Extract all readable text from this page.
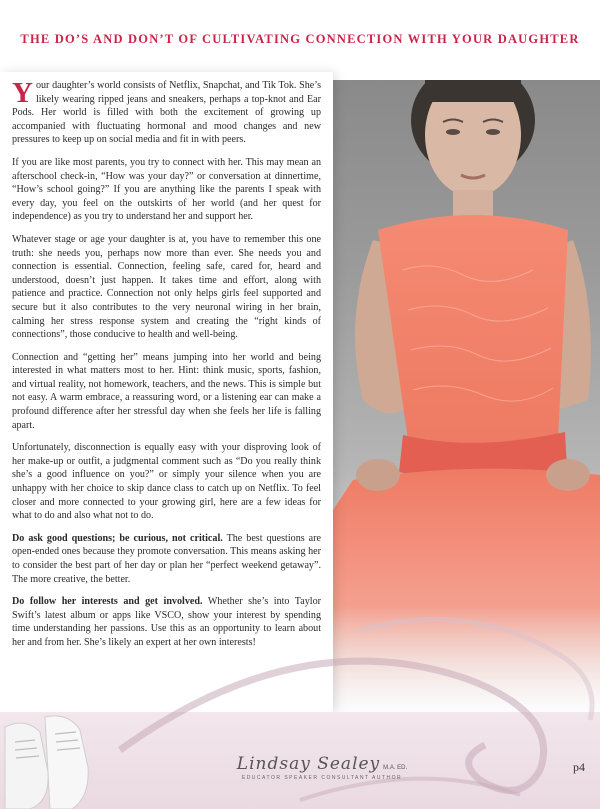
THE DO’S AND DON’T OF CULTIVATING CONNECTION WITH YOUR DAUGHTER

Your daughter’s world consists of Netflix, Snapchat, and Tik Tok. She’s likely wearing ripped jeans and sneakers, perhaps a top-knot and Ear Pods. Her world is filled with both the excitement of growing up accompanied with fluctuating hormonal and mood changes and new pressures to keep up on social media and fit in with peers.

If you are like most parents, you try to connect with her. This may mean an afterschool check-in, “How was your day?” or conversation at dinnertime, “How’s school going?” If you are anything like the parents I speak with every day, you feel on the outskirts of her world (and her quest for independence) as you try to understand her and support her.

Whatever stage or age your daughter is at, you have to remember this one truth: she needs you, perhaps now more than ever. She needs you and connection is essential. Connection, feeling safe, cared for, heard and understood, doesn’t just happen. It takes time and effort, along with patience and practice. Connection not only helps girls feel supported and secure but it also contributes to the very neuronal wiring in her brain, calming her stress response system and creating the “right kinds of connections”, those conducive to health and well-being.

Connection and “getting her” means jumping into her world and being interested in what matters most to her. Hint: think music, sports, fashion, and virtual reality, not homework, teachers, and the news. This is simple but not easy. A warm embrace, a reassuring word, or a listening ear can make a profound difference after her stressful day when she feels her life is falling apart.

Unfortunately, disconnection is equally easy with your disproving look of her make-up or outfit, a judgmental comment such as “Do you really think she’s a good influence on you?” or simply your silence when you are unhappy with her choice to skip dance class to catch up on Netflix. To feel closer and more connected to your growing girl, here are a few ideas for what to do and also what not to do.

Do ask good questions; be curious, not critical. The best questions are open-ended ones because they promote conversation. This means asking her to consider the best part of her day or plan her “perfect weekend getaway”. The more creative, the better.

Do follow her interests and get involved. Whether she’s into Taylor Swift’s latest album or apps like VSCO, show your interest by spending time understanding her passions. Use this as an opportunity to learn about her and from her. She’s likely an expert at her own interests!

Lindsay Sealey M.A. ED.
EDUCATOR SPEAKER CONSULTANT AUTHOR
p4
